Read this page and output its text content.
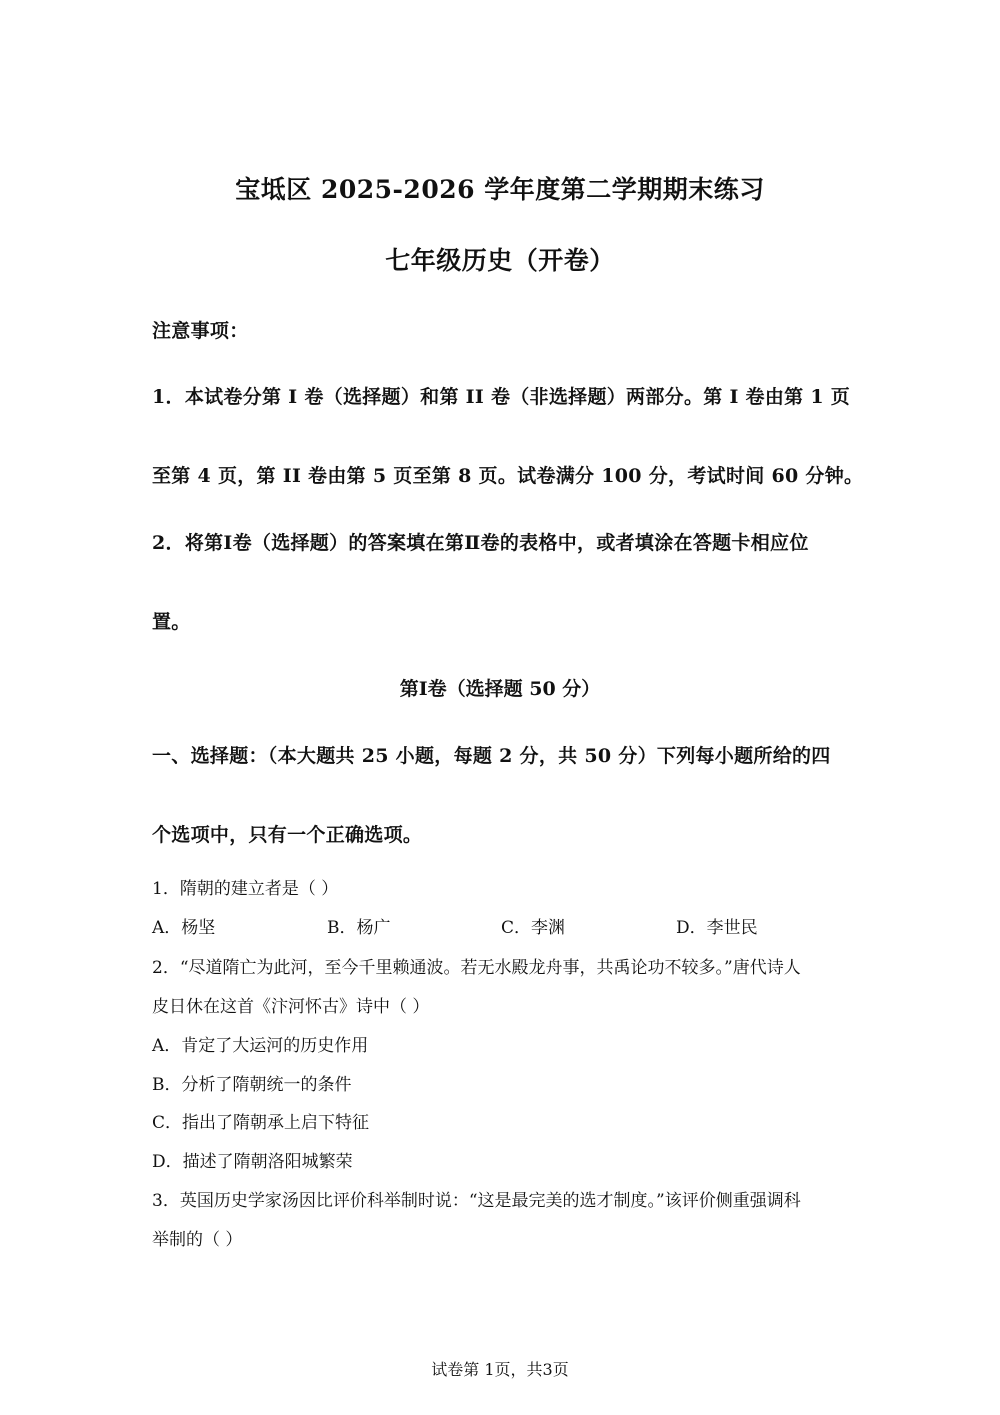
宝坻区 2025-2026 学年度第二学期期末练习
七年级历史（开卷）
注意事项：
1．本试卷分第 I 卷（选择题）和第 II 卷（非选择题）两部分。第 I 卷由第 1 页
至第 4 页，第 II 卷由第 5 页至第 8 页。试卷满分 100 分，考试时间 60 分钟。
2．将第Ⅰ卷（选择题）的答案填在第Ⅱ卷的表格中，或者填涂在答题卡相应位
置。
第Ⅰ卷（选择题 50 分）
一、选择题：（本大题共 25 小题，每题 2 分，共 50 分）下列每小题所给的四
个选项中，只有一个正确选项。
1．隋朝的建立者是（ ）
A．杨坚	B．杨广	C．李渊	D．李世民
2．“尽道隋亡为此河，至今千里赖通波。若无水殿龙舟事，共禹论功不较多。”唐代诗人
皮日休在这首《汴河怀古》诗中（ ）
A．肯定了大运河的历史作用
B．分析了隋朝统一的条件
C．指出了隋朝承上启下特征
D．描述了隋朝洛阳城繁荣
3．英国历史学家汤因比评价科举制时说：“这是最完美的选才制度。”该评价侧重强调科
举制的（ ）
试卷第 1页，共3页
